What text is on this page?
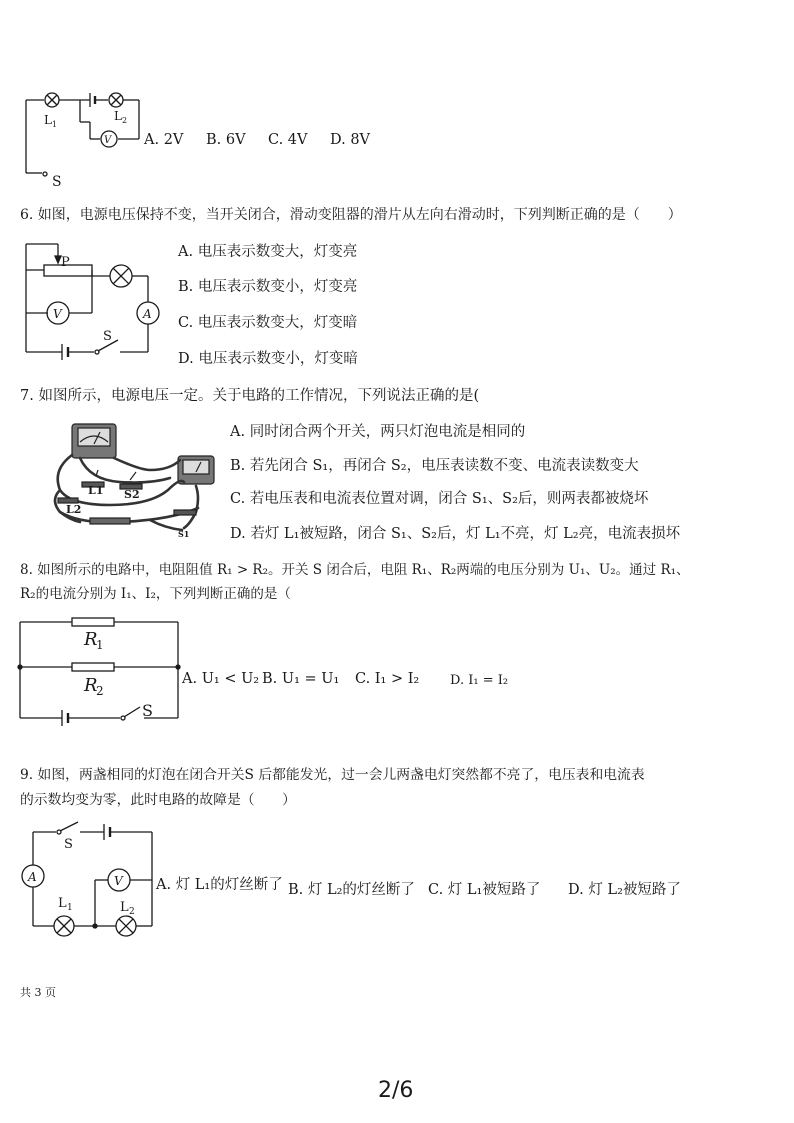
V
L 1
L 2
S
A. 2V B. 6V C. 4V D. 8V
6. 如图，电源电压保持不变，当开关闭合，滑动变阻器的滑片从左向右滑动时，下列判断正确的是（　　）
P
V	A
S
A. 电压表示数变大，灯变亮
B. 电压表示数变小，灯变亮
C. 电压表示数变大，灯变暗
D. 电压表示数变小，灯变暗
7. 如图所示，电源电压一定。关于电路的工作情况，下列说法正确的是(
L1 S2
L2
S1
A. 同时闭合两个开关，两只灯泡电流是相同的
B. 若先闭合 S₁，再闭合 S₂，电压表读数不变、电流表读数变大
C. 若电压表和电流表位置对调，闭合 S₁、S₂后，则两表都被烧坏
D. 若灯 L₁被短路，闭合 S₁、S₂后，灯 L₁不亮，灯 L₂亮，电流表损坏
8. 如图所示的电路中，电阻阻值 R₁ > R₂。开关 S 闭合后，电阻 R₁、R₂两端的电压分别为 U₁、U₂。通过 R₁、
R₂的电流分别为 I₁、I₂，下列判断正确的是（
R
1
R
2
S
A. U₁ < U₂ B. U₁ = U₁ C. I₁ > I₂ D. I₁ = I₂
9. 如图，两盏相同的灯泡在闭合开关S 后都能发光，过一会儿两盏电灯突然都不亮了，电压表和电流表
的示数均变为零，此时电路的故障是（　　）
S
A	V
L 1	L 2
A. 灯 L₁的灯丝断了 B. 灯 L₂的灯丝断了 C. 灯 L₁被短路了 D. 灯 L₂被短路了
共 3 页
2/6
